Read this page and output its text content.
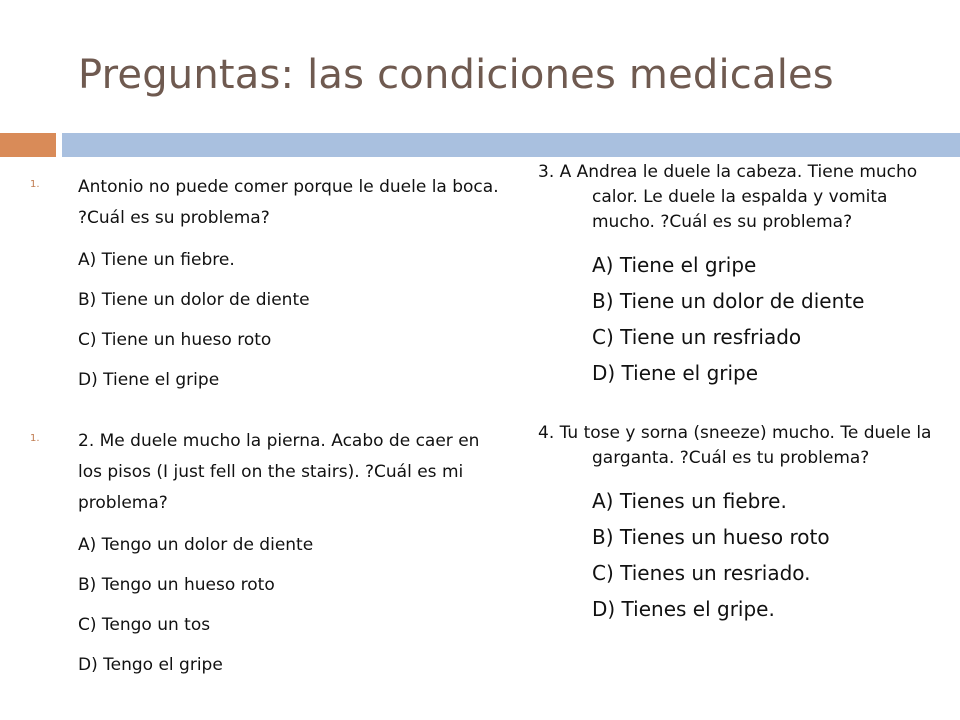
Preguntas: las condiciones medicales
1. Antonio no puede comer porque le duele la boca. ?Cuál es su problema?

A) Tiene un fiebre.

B) Tiene un dolor de diente

C) Tiene un hueso roto

D) Tiene el gripe

1. 2. Me duele mucho la pierna. Acabo de caer en los pisos (I just fell on the stairs). ?Cuál es mi problema?

A) Tengo un dolor de diente

B) Tengo un hueso roto

C) Tengo un tos

D) Tengo el gripe

3. A Andrea le duele la cabeza. Tiene mucho calor. Le duele la espalda y vomita mucho. ?Cuál es su problema?

A) Tiene el gripe

B) Tiene un dolor de diente

C) Tiene un resfriado

D) Tiene el gripe

4. Tu tose y sorna (sneeze) mucho. Te duele la garganta. ?Cuál es tu problema?

A) Tienes un fiebre.

B) Tienes un hueso roto

C) Tienes un resriado.

D) Tienes el gripe.
